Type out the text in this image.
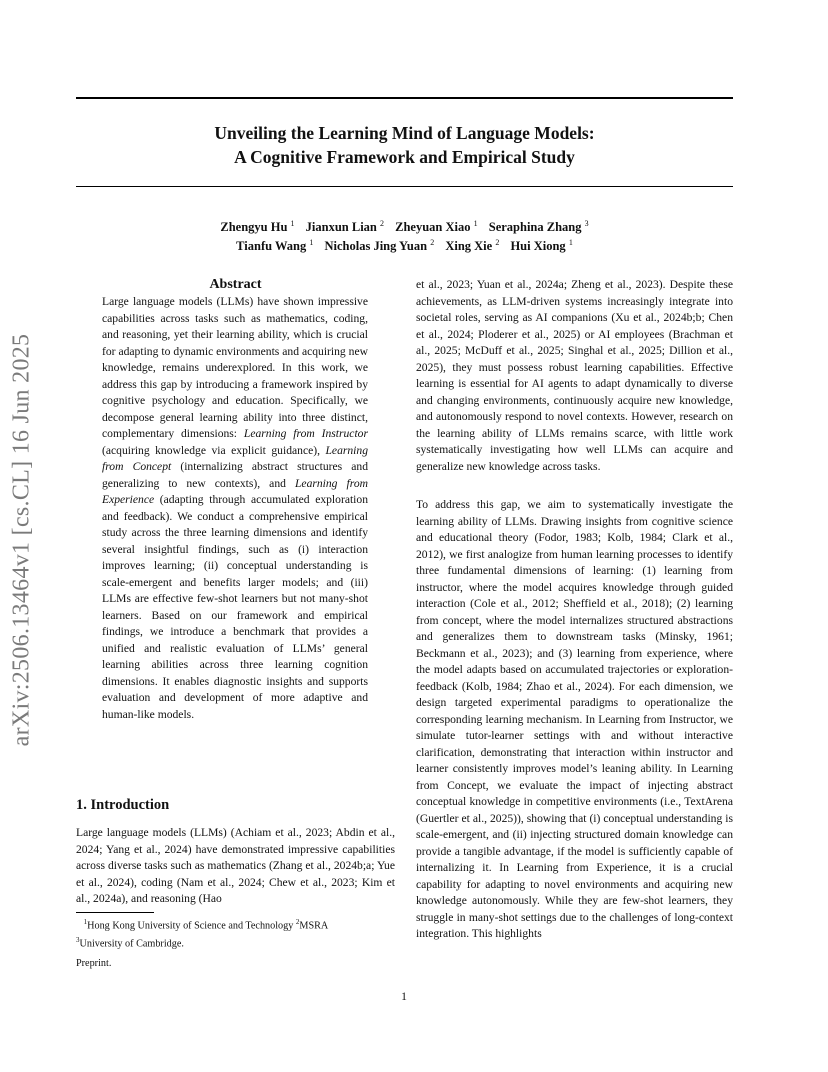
arXiv:2506.13464v1 [cs.CL] 16 Jun 2025
Unveiling the Learning Mind of Language Models:
A Cognitive Framework and Empirical Study
Zhengyu Hu $^1$ Jianxun Lian $^2$ Zheyuan Xiao $^1$ Seraphina Zhang $^3$
Tianfu Wang $^1$ Nicholas Jing Yuan $^2$ Xing Xie $^2$ Hui Xiong $^1$
Abstract

Large language models (LLMs) have shown impressive capabilities across tasks such as mathematics, coding, and reasoning, yet their learning ability, which is crucial for adapting to dynamic environments and acquiring new knowledge, remains underexplored. In this work, we address this gap by introducing a framework inspired by cognitive psychology and education. Specifically, we decompose general learning ability into three distinct, complementary dimensions: Learning from Instructor (acquiring knowledge via explicit guidance), Learning from Concept (internalizing abstract structures and generalizing to new contexts), and Learning from Experience (adapting through accumulated exploration and feedback). We conduct a comprehensive empirical study across the three learning dimensions and identify several insightful findings, such as (i) interaction improves learning; (ii) conceptual understanding is scale-emergent and benefits larger models; and (iii) LLMs are effective few-shot learners but not many-shot learners. Based on our framework and empirical findings, we introduce a benchmark that provides a unified and realistic evaluation of LLMs’ general learning abilities across three learning cognition dimensions. It enables diagnostic insights and supports evaluation and development of more adaptive and human-like models.

1. Introduction

Large language models (LLMs) (Achiam et al., 2023; Abdin et al., 2024; Yang et al., 2024) have demonstrated impressive capabilities across diverse tasks such as mathematics (Zhang et al., 2024b;a; Yue et al., 2024), coding (Nam et al., 2024; Chew et al., 2023; Kim et al., 2024a), and reasoning (Hao

$^1$Hong Kong University of Science and Technology $^2$MSRA
$^3$University of Cambridge.
Preprint.

et al., 2023; Yuan et al., 2024a; Zheng et al., 2023). Despite these achievements, as LLM-driven systems increasingly integrate into societal roles, serving as AI companions (Xu et al., 2024b;b; Chen et al., 2024; Ploderer et al., 2025) or AI employees (Brachman et al., 2025; McDuff et al., 2025; Singhal et al., 2025; Dillion et al., 2025), they must possess robust learning capabilities. Effective learning is essential for AI agents to adapt dynamically to diverse and changing environments, continuously acquire new knowledge, and autonomously respond to novel contexts. However, research on the learning ability of LLMs remains scarce, with little work systematically investigating how well LLMs can acquire and generalize new knowledge across tasks.

To address this gap, we aim to systematically investigate the learning ability of LLMs. Drawing insights from cognitive science and educational theory (Fodor, 1983; Kolb, 1984; Clark et al., 2012), we first analogize from human learning processes to identify three fundamental dimensions of learning: (1) learning from instructor, where the model acquires knowledge through guided interaction (Cole et al., 2012; Sheffield et al., 2018); (2) learning from concept, where the model internalizes structured abstractions and generalizes them to downstream tasks (Minsky, 1961; Beckmann et al., 2023); and (3) learning from experience, where the model adapts based on accumulated trajectories or exploration-feedback (Kolb, 1984; Zhao et al., 2024). For each dimension, we design targeted experimental paradigms to operationalize the corresponding learning mechanism. In Learning from Instructor, we simulate tutor-learner settings with and without interactive clarification, demonstrating that interaction within instructor and learner consistently improves model’s leaning ability. In Learning from Concept, we evaluate the impact of injecting abstract conceptual knowledge in competitive environments (i.e., TextArena (Guertler et al., 2025)), showing that (i) conceptual understanding is scale-emergent, and (ii) injecting structured domain knowledge can provide a tangible advantage, if the model is sufficiently capable of internalizing it. In Learning from Experience, it is a crucial capability for adapting to novel environments and acquiring new knowledge autonomously. While they are few-shot learners, they struggle in many-shot settings due to the challenges of long-context integration. This highlights

1
